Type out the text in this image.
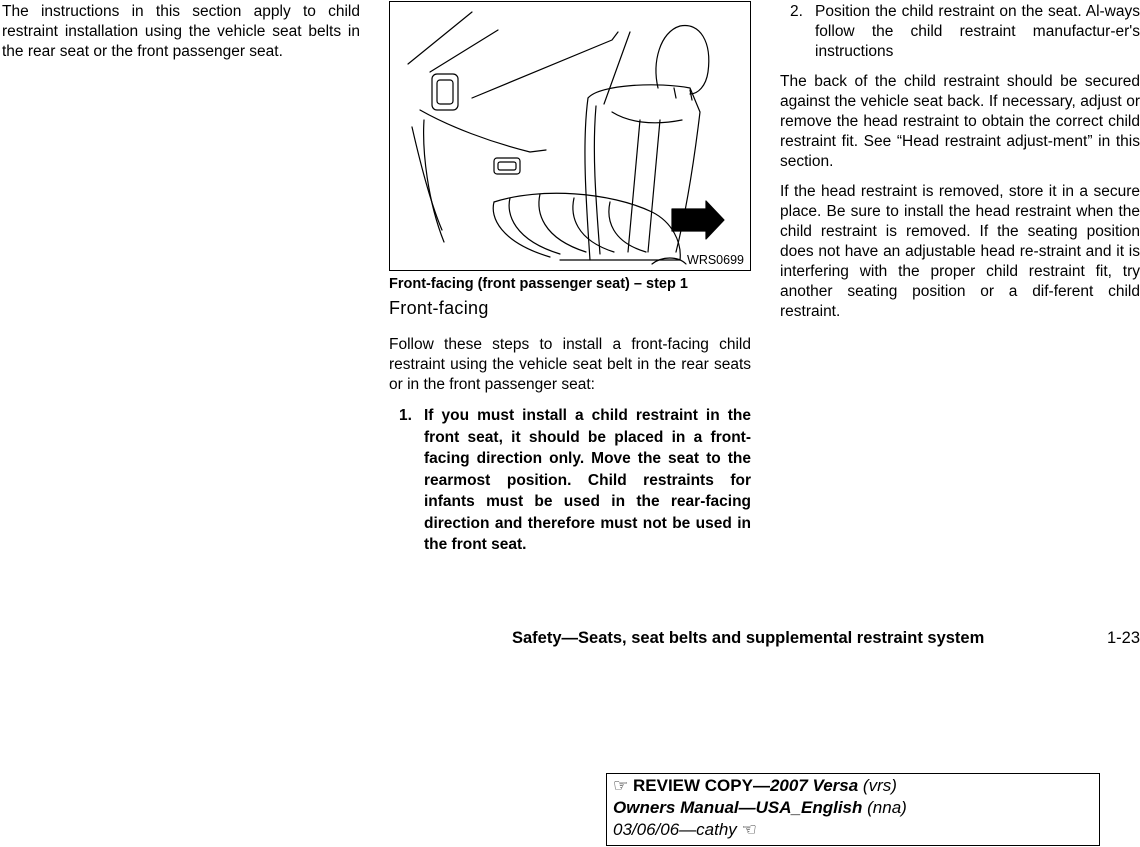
The instructions in this section apply to child restraint installation using the vehicle seat belts in the rear seat or the front passenger seat.

WRS0699

Front-facing (front passenger seat) – step 1

Front-facing

Follow these steps to install a front-facing child restraint using the vehicle seat belt in the rear seats or in the front passenger seat:

1. If you must install a child restraint in the front seat, it should be placed in a front-facing direction only. Move the seat to the rearmost position. Child restraints for infants must be used in the rear-facing direction and therefore must not be used in the front seat.
2. Position the child restraint on the seat. Al-ways follow the child restraint manufactur-er's instructions

The back of the child restraint should be secured against the vehicle seat back. If necessary, adjust or remove the head restraint to obtain the correct child restraint fit. See “Head restraint adjust-ment” in this section.

If the head restraint is removed, store it in a secure place. Be sure to install the head restraint when the child restraint is removed. If the seating position does not have an adjustable head re-straint and it is interfering with the proper child restraint fit, try another seating position or a dif-ferent child restraint.

Safety—Seats, seat belts and supplemental restraint system	1-23
☞ REVIEW COPY—2007 Versa (vrs)
Owners Manual—USA_English (nna)
03/06/06—cathy ☜
